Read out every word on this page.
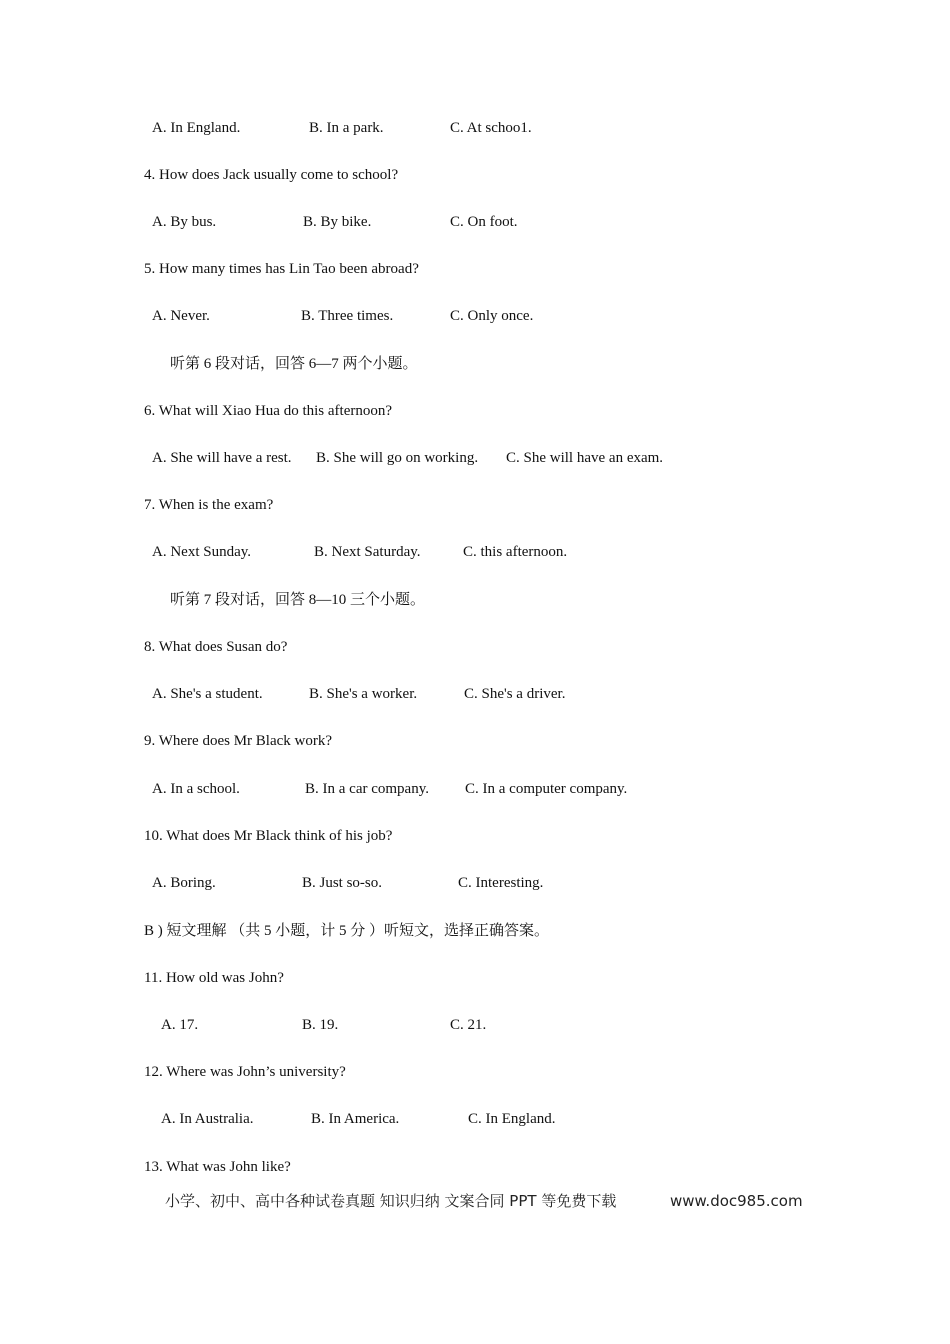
A. In England.	B. In a park.	C. At schoo1.
4. How does Jack usually come to school?
A. By bus.	B. By bike.	C. On foot.
5. How many times has Lin Tao been abroad?
A. Never.	B. Three times.	C. Only once.
听第 6 段对话，回答 6—7 两个小题。
6. What will Xiao Hua do this afternoon?
A. She will have a rest. B. She will go on working. C. She will have an exam.
7. When is the exam?
A. Next Sunday.	B. Next Saturday.	C. this afternoon.
听第 7 段对话，回答 8—10 三个小题。
8. What does Susan do?
A. She's a student.	B. She's a worker.	C. She's a driver.
9. Where does Mr Black work?
A. In a school.	B. In a car company. C. In a computer company.
10. What does Mr Black think of his job?
A. Boring.	B. Just so-so.	C. Interesting.
B ) 短文理解 （共 5 小题，计 5 分 ）听短文，选择正确答案。
11. How old was John?
A. 17.	B. 19.	C. 21.
12. Where was John’s university?
A. In Australia.	B. In America.	C. In England.
13. What was John like?
小学、初中、高中各种试卷真题 知识归纳 文案合同 PPT 等免费下载	www.doc985.com
